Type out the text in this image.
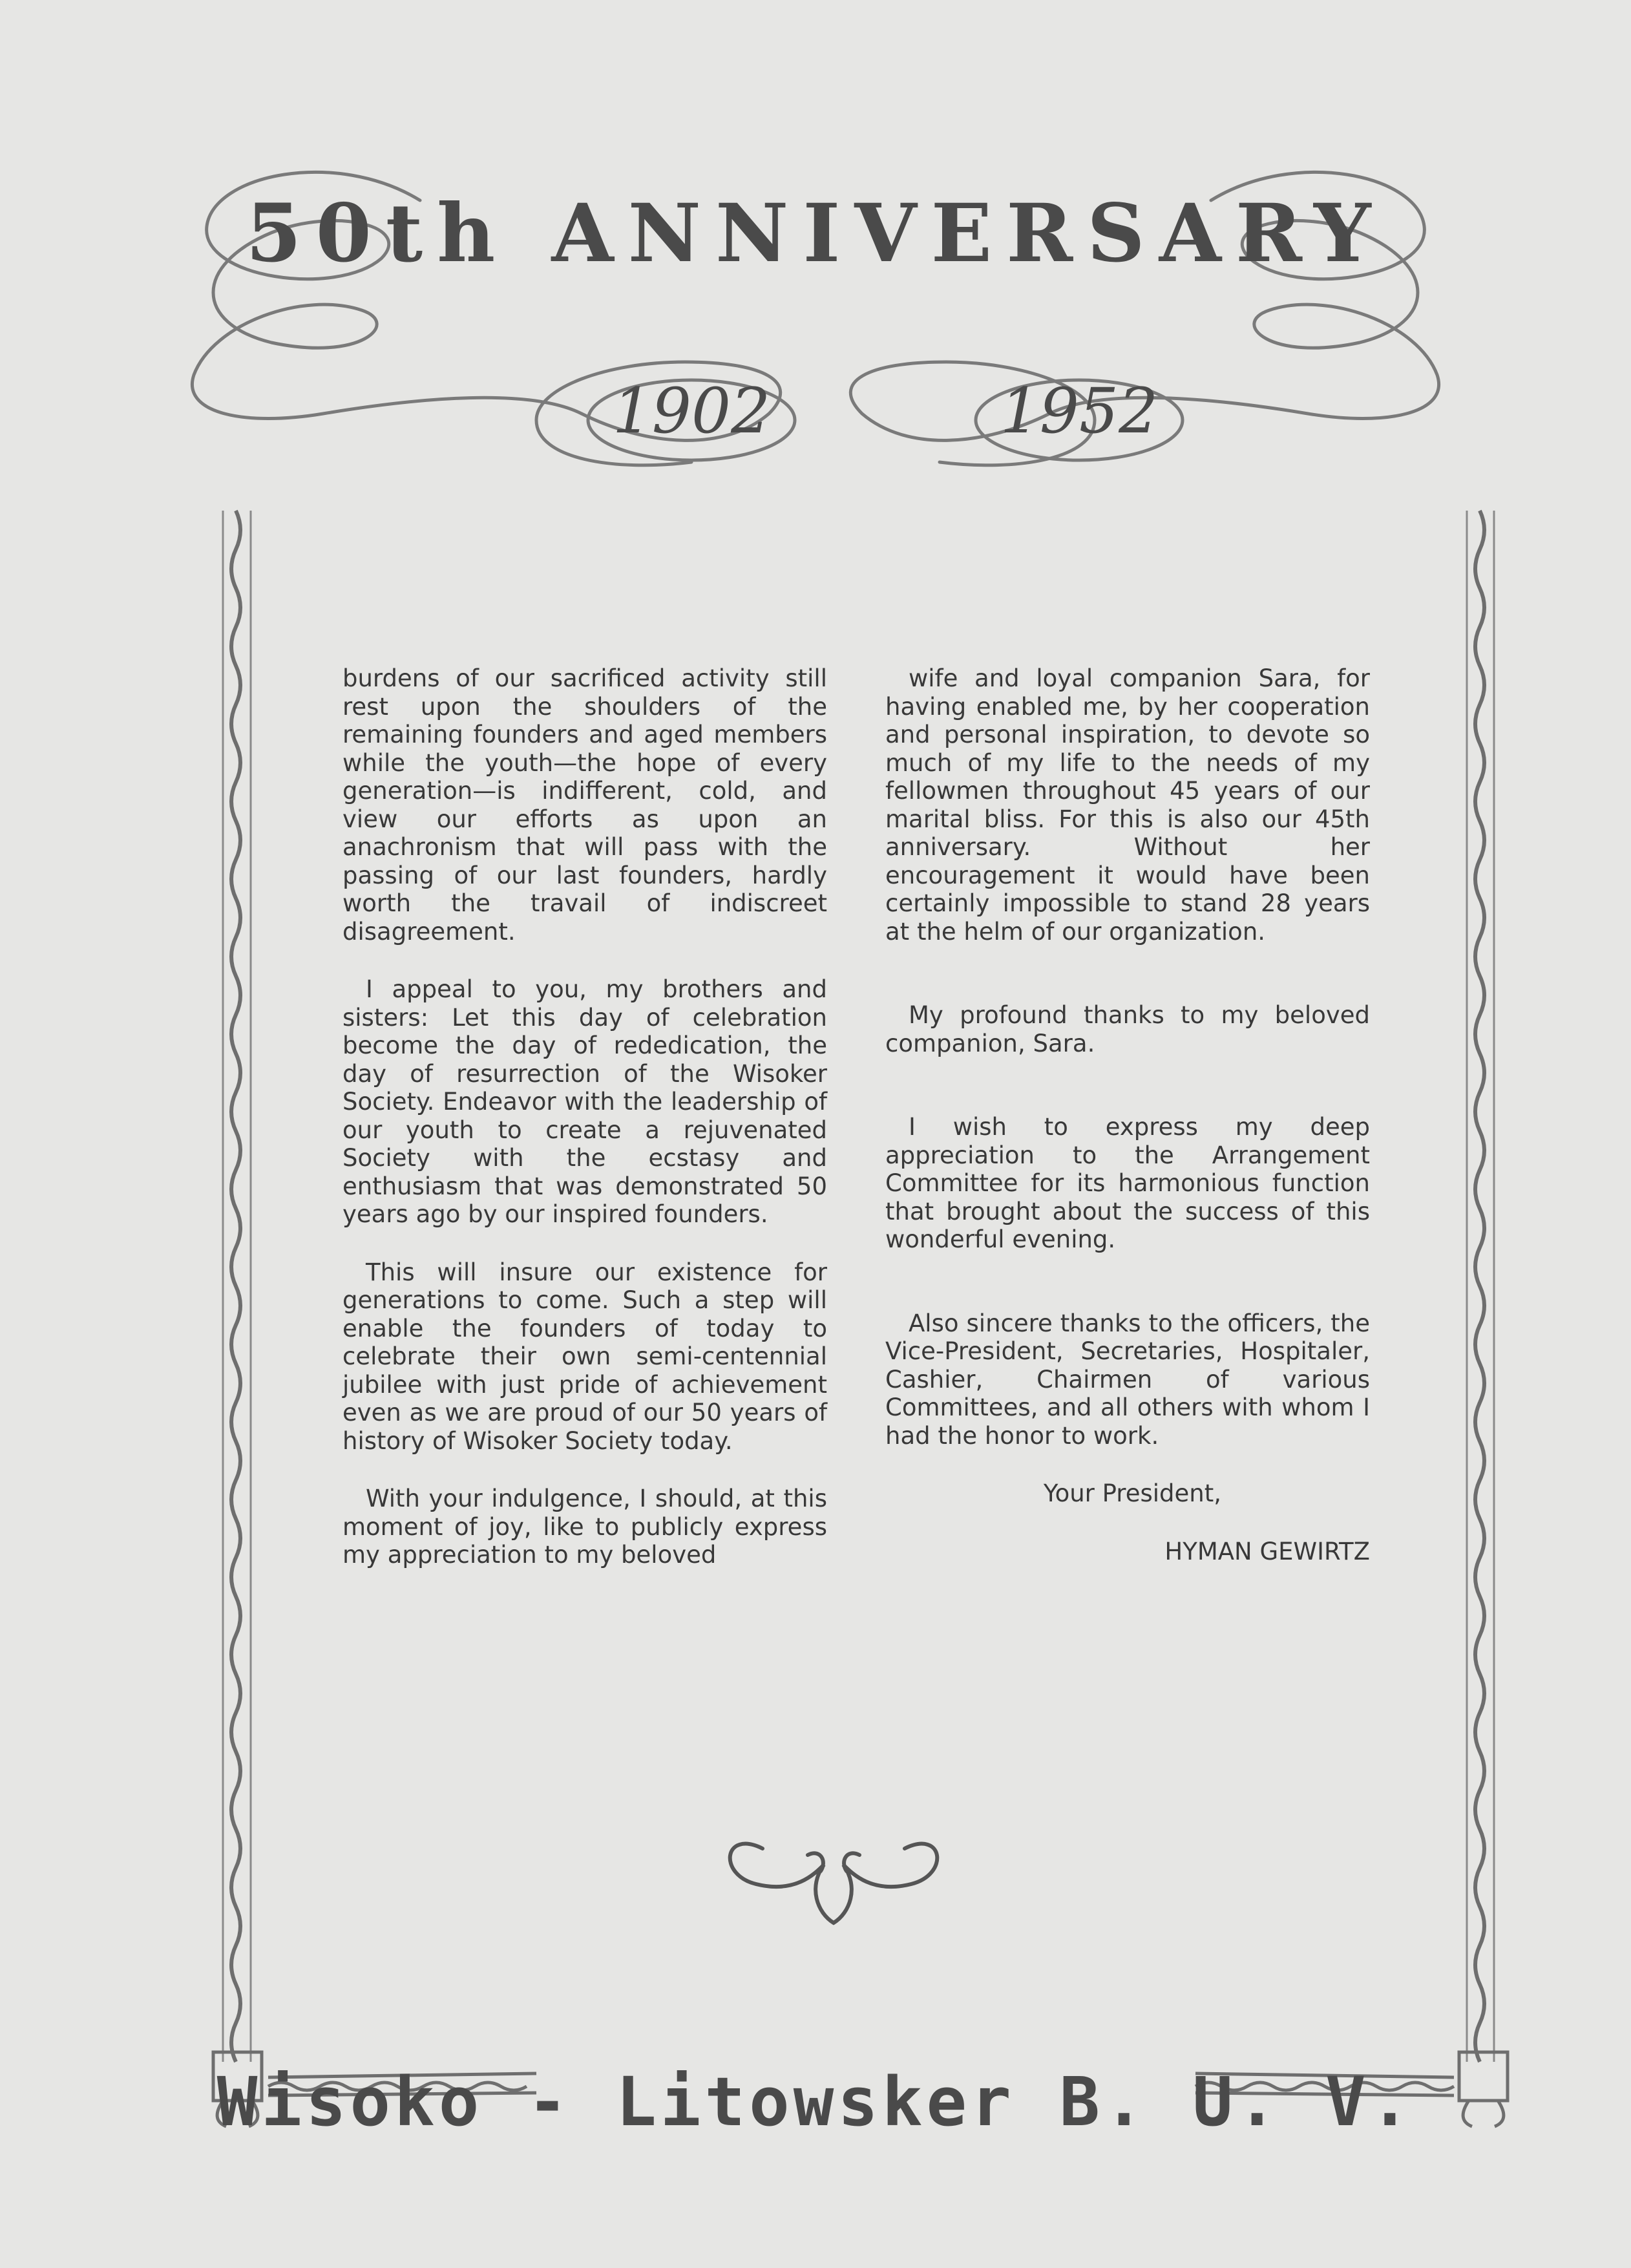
50th ANNIVERSARY
1902	1952

burdens of our sacrificed activity still rest upon the shoulders of the remaining founders and aged members while the youth—the hope of every generation—is indifferent, cold, and view our efforts as upon an anachronism that will pass with the passing of our last founders, hardly worth the travail of indiscreet disagreement.

I appeal to you, my brothers and sisters: Let this day of celebration become the day of rededication, the day of resurrection of the Wisoker Society. Endeavor with the leadership of our youth to create a rejuvenated Society with the ecstasy and enthusiasm that was demonstrated 50 years ago by our inspired founders.

This will insure our existence for generations to come. Such a step will enable the founders of today to celebrate their own semi-centennial jubilee with just pride of achievement even as we are proud of our 50 years of history of Wisoker Society today.

With your indulgence, I should, at this moment of joy, like to publicly express my appreciation to my beloved

wife and loyal companion Sara, for having enabled me, by her cooperation and personal inspiration, to devote so much of my life to the needs of my fellowmen throughout 45 years of our marital bliss. For this is also our 45th anniversary. Without her encouragement it would have been certainly impossible to stand 28 years at the helm of our organization.

My profound thanks to my beloved companion, Sara.

I wish to express my deep appreciation to the Arrangement Committee for its harmonious function that brought about the success of this wonderful evening.

Also sincere thanks to the officers, the Vice-President, Secretaries, Hospitaler, Cashier, Chairmen of various Committees, and all others with whom I had the honor to work.

Your President,

HYMAN GEWIRTZ

Wisoko - Litowsker B. U. V.
